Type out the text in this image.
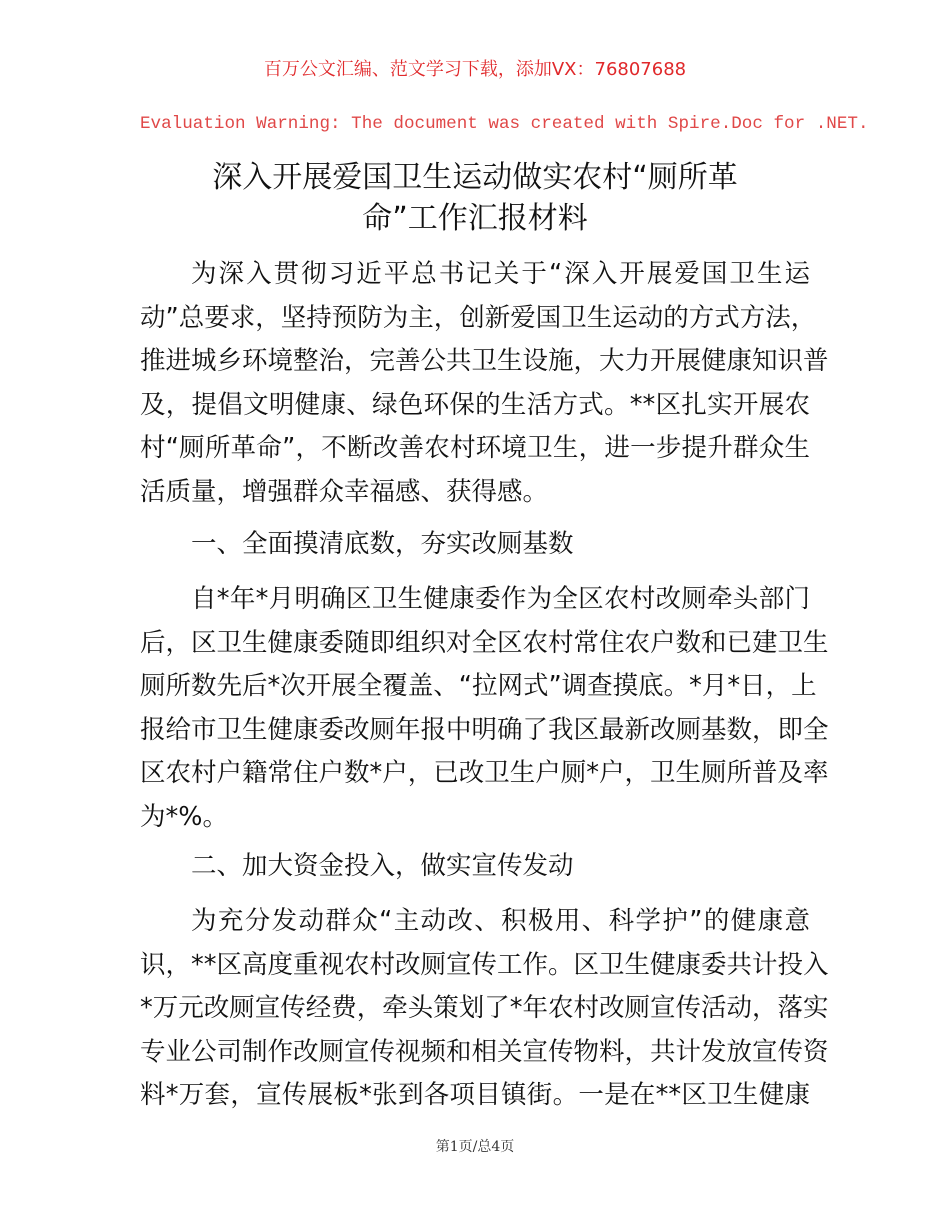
百万公文汇编、范文学习下载，添加VX：76807688
Evaluation Warning: The document was created with Spire.Doc for .NET.
深入开展爱国卫生运动做实农村“厕所革
命”工作汇报材料
为深入贯彻习近平总书记关于“深入开展爱国卫生运
动”总要求，坚持预防为主，创新爱国卫生运动的方式方法，
推进城乡环境整治，完善公共卫生设施，大力开展健康知识普
及，提倡文明健康、绿色环保的生活方式。**区扎实开展农
村“厕所革命”，不断改善农村环境卫生，进一步提升群众生
活质量，增强群众幸福感、获得感。
一、全面摸清底数，夯实改厕基数
自*年*月明确区卫生健康委作为全区农村改厕牵头部门
后，区卫生健康委随即组织对全区农村常住农户数和已建卫生
厕所数先后*次开展全覆盖、“拉网式”调查摸底。*月*日，上
报给市卫生健康委改厕年报中明确了我区最新改厕基数，即全
区农村户籍常住户数*户，已改卫生户厕*户，卫生厕所普及率
为*%。
二、加大资金投入，做实宣传发动
为充分发动群众“主动改、积极用、科学护”的健康意
识，**区高度重视农村改厕宣传工作。区卫生健康委共计投入
*万元改厕宣传经费，牵头策划了*年农村改厕宣传活动，落实
专业公司制作改厕宣传视频和相关宣传物料，共计发放宣传资
料*万套，宣传展板*张到各项目镇街。一是在**区卫生健康
第1页/总4页
